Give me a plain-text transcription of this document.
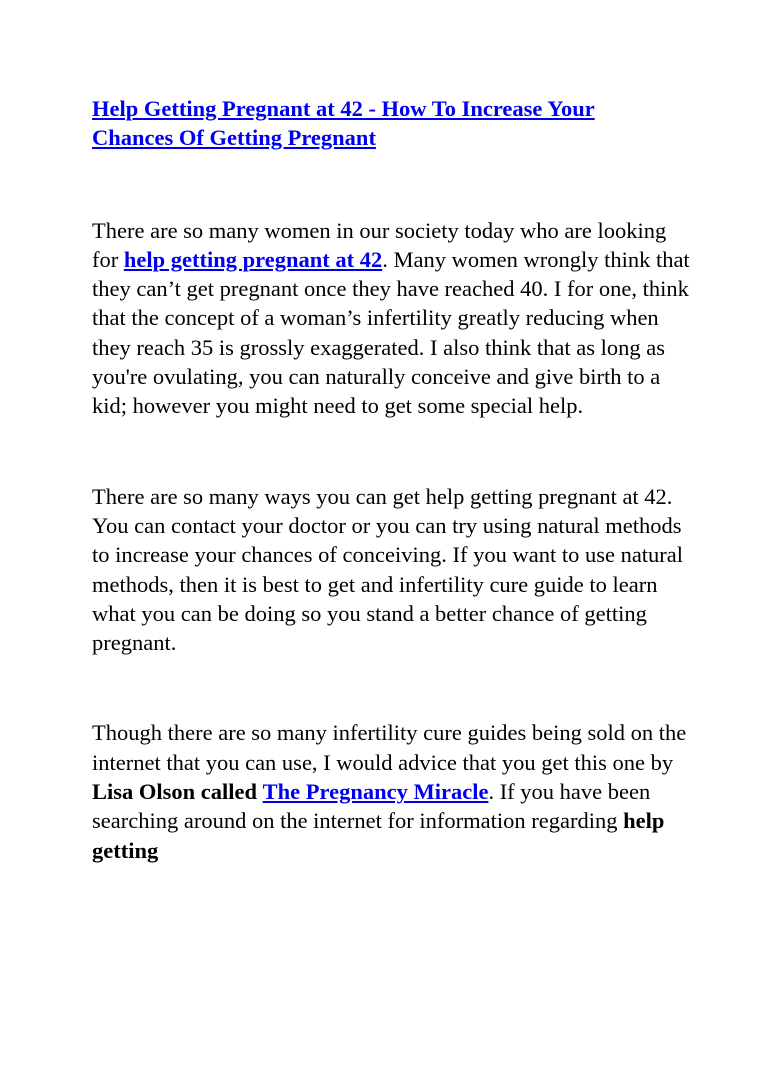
Help Getting Pregnant at 42 - How To Increase Your
Chances Of Getting Pregnant

There are so many women in our society today who are looking for help getting pregnant at 42. Many women wrongly think that they can’t get pregnant once they have reached 40. I for one, think that the concept of a woman’s infertility greatly reducing when they reach 35 is grossly exaggerated. I also think that as long as you're ovulating, you can naturally conceive and give birth to a kid; however you might need to get some special help.

There are so many ways you can get help getting pregnant at 42. You can contact your doctor or you can try using natural methods to increase your chances of conceiving. If you want to use natural methods, then it is best to get and infertility cure guide to learn what you can be doing so you stand a better chance of getting pregnant.

Though there are so many infertility cure guides being sold on the internet that you can use, I would advice that you get this one by Lisa Olson called The Pregnancy Miracle. If you have been searching around on the internet for information regarding help getting
